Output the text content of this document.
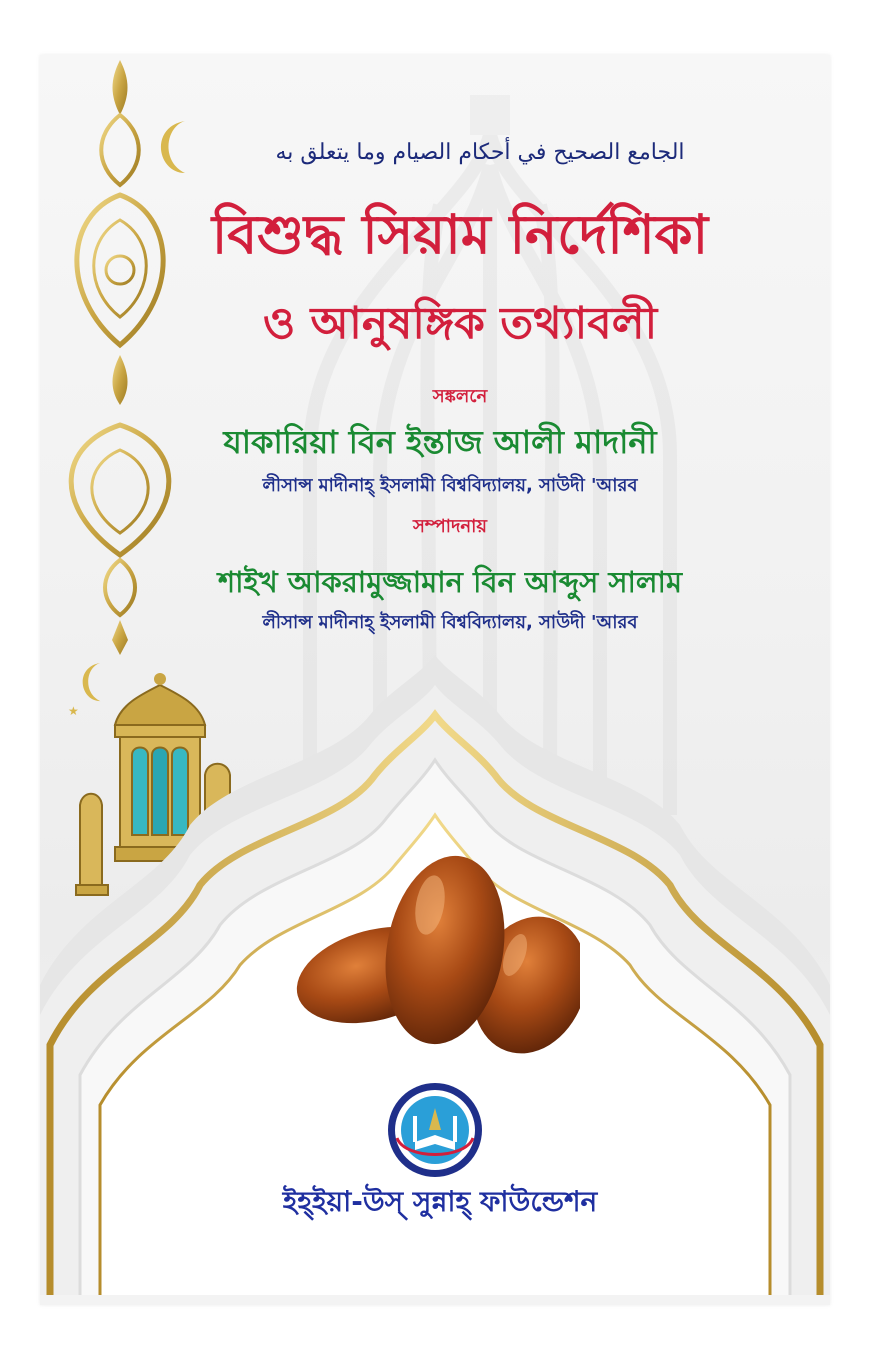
★
الجامع الصحيح في أحكام الصيام وما يتعلق به
বিশুদ্ধ সিয়াম নির্দেশিকা
ও আনুষঙ্গিক তথ্যাবলী
সঙ্কলনে
যাকারিয়া বিন ইন্তাজ আলী মাদানী
লীসান্স মাদীনাহ্ ইসলামী বিশ্ববিদ্যালয়, সাউদী 'আরব
সম্পাদনায়
শাইখ আকরামুজ্জামান বিন আব্দুস সালাম
লীসান্স মাদীনাহ্ ইসলামী বিশ্ববিদ্যালয়, সাউদী 'আরব
ইহ্ইয়া-উস্ সুন্নাহ্ ফাউন্ডেশন
